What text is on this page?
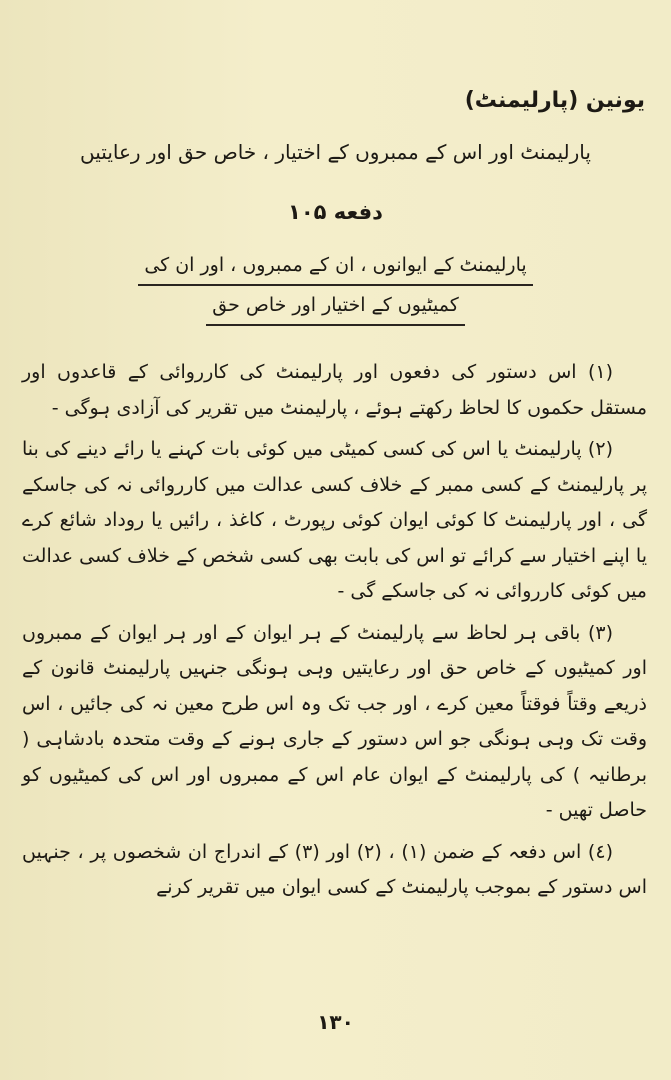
یونین (پارلیمنٹ)
پارلیمنٹ اور اس کے ممبروں کے اختیار ، خاص حق اور رعایتیں
دفعه ۱۰۵
پارلیمنٹ کے ایوانوں ، ان کے ممبروں ، اور ان کی
کمیٹیوں کے اختیار اور خاص حق

(۱) اس دستور کی دفعوں اور پارلیمنٹ کی کارروائی کے قاعدوں اور مستقل حکموں کا لحاظ رکھتے ہوئے ، پارلیمنٹ میں تقریر کی آزادی ہوگی -

(۲) پارلیمنٹ یا اس کی کسی کمیٹی میں کوئی بات کہنے یا رائے دینے کی بنا پر پارلیمنٹ کے کسی ممبر کے خلاف کسی عدالت میں کارروائی نہ کی جاسکے گی ، اور پارلیمنٹ کا کوئی ایوان کوئی رپورٹ ، کاغذ ، رائیں یا روداد شائع کرے یا اپنے اختیار سے کرائے تو اس کی بابت بھی کسی شخص کے خلاف کسی عدالت میں کوئی کارروائی نہ کی جاسکے گی -

(۳) باقی ہر لحاظ سے پارلیمنٹ کے ہر ایوان کے اور ہر ایوان کے ممبروں اور کمیٹیوں کے خاص حق اور رعایتیں وہی ہونگی جنہیں پارلیمنٹ قانون کے ذریعے وقتاً فوقتاً معین کرے ، اور جب تک وہ اس طرح معین نہ کی جائیں ، اس وقت تک وہی ہونگی جو اس دستور کے جاری ہونے کے وقت متحدہ بادشاہی ( برطانیہ ) کی پارلیمنٹ کے ایوان عام اس کے ممبروں اور اس کی کمیٹیوں کو حاصل تھیں -

(٤) اس دفعہ کے ضمن (۱) ، (۲) اور (۳) کے اندراج ان شخصوں پر ، جنہیں اس دستور کے بموجب پارلیمنٹ کے کسی ایوان میں تقریر کرنے

۱۳۰
